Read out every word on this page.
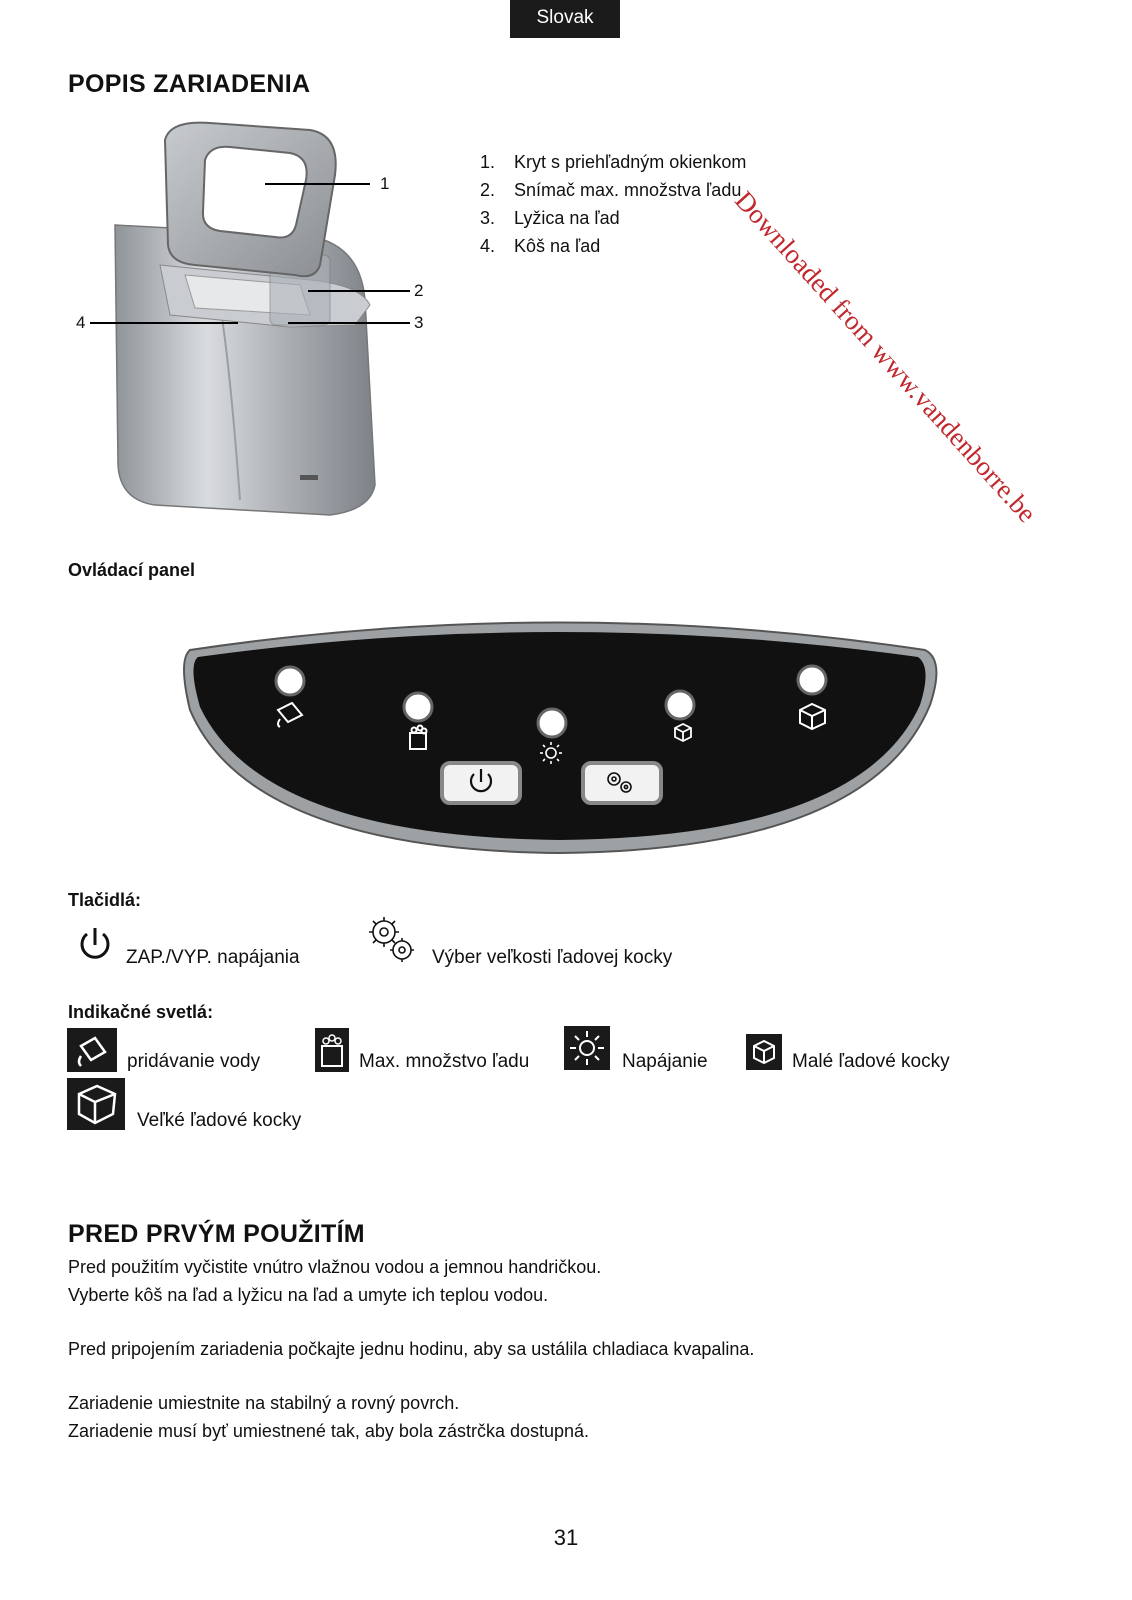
Slovak
Downloaded from www.vandenborre.be
POPIS ZARIADENIA
1
2
3
4
1. Kryt s priehľadným okienkom
2. Snímač max. množstva ľadu
3. Lyžica na ľad
4. Kôš na ľad
Ovládací panel
Tlačidlá:
ZAP./VYP. napájania	Výber veľkosti ľadovej kocky
Indikačné svetlá:
pridávanie vody	Max. množstvo ľadu	Napájanie	Malé ľadové kocky
Veľké ľadové kocky
PRED PRVÝM POUŽITÍM
Pred použitím vyčistite vnútro vlažnou vodou a jemnou handričkou.
Vyberte kôš na ľad a lyžicu na ľad a umyte ich teplou vodou.
Pred pripojením zariadenia počkajte jednu hodinu, aby sa ustálila chladiaca kvapalina.
Zariadenie umiestnite na stabilný a rovný povrch.
Zariadenie musí byť umiestnené tak, aby bola zástrčka dostupná.
31
